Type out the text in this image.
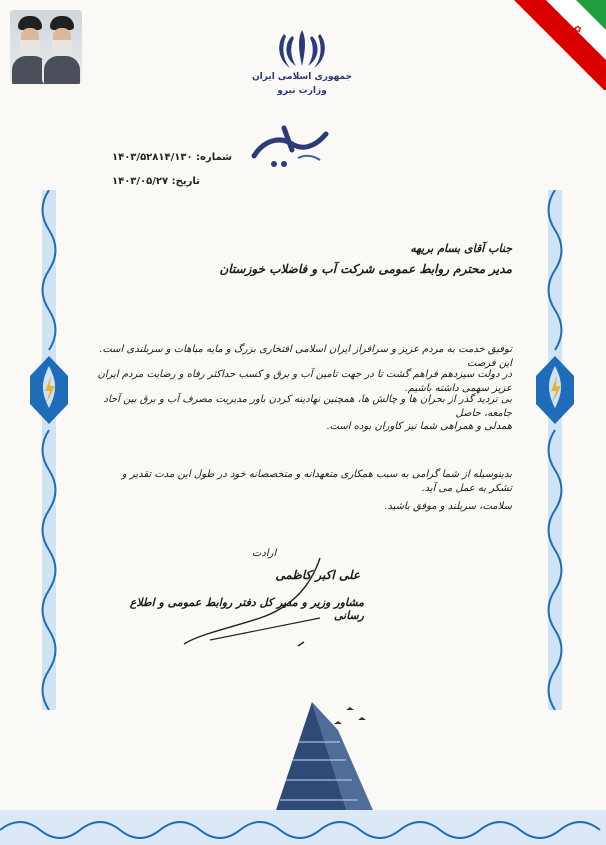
✿
جمهوری اسلامی ایران
وزارت نیرو
شماره: ۱۴۰۳/۵۲۸۱۴/۱۳۰
تاریخ: ۱۴۰۳/۰۵/۲۷
جناب آقای بسام بریهه
مدیر محترم روابط عمومی شرکت آب و فاضلاب خوزستان
توفیق خدمت به مردم عزیز و سرافراز ایران اسلامی افتخاری بزرگ و مایه مباهات و سربلندی است. این فرصت
در دولت سیزدهم فراهم گشت تا در جهت تامین آب و برق و کسب حداکثر رفاه و رضایت مردم ایران عزیز سهمی داشته باشیم.
بی تردید گذر از بحران ها و چالش ها، همچنین نهادینه کردن باور مدیریت مصرف آب و برق بین آحاد جامعه، حاصل
همدلی و همراهی شما نیز کاوران بوده است.
بدینوسیله از شما گرامی به سبب همکاری متعهدانه و متخصصانه خود در طول این مدت تقدیر و تشکر به عمل می آید.
سلامت، سربلند و موفق باشید.
ارادت
علی اکبر کاظمی
مشاور وزیر و مدیر کل دفتر روابط عمومی و اطلاع رسانی
